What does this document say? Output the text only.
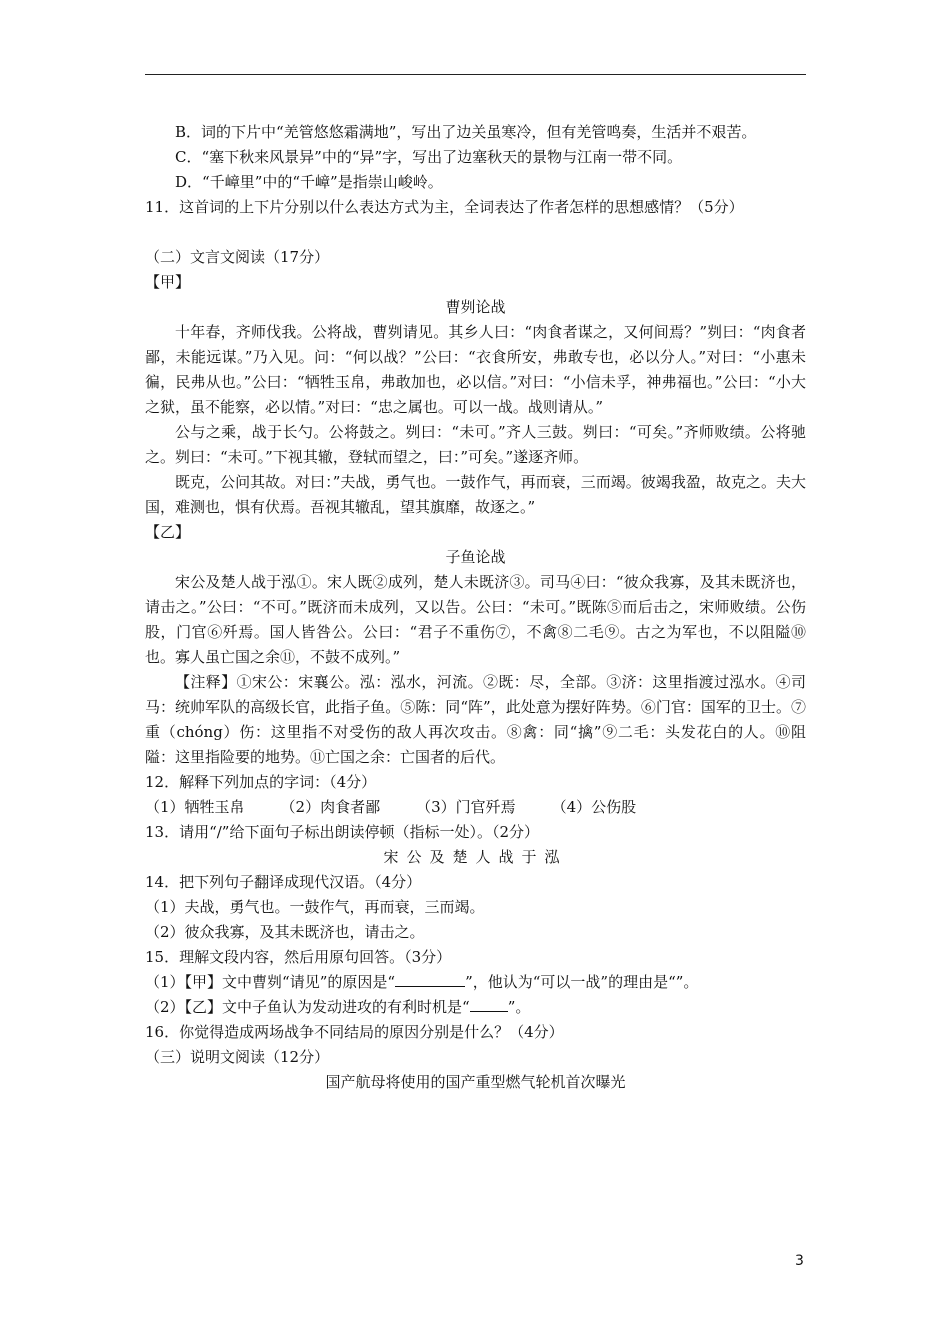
B．词的下片中“羌管悠悠霜满地”，写出了边关虽寒冷，但有羌管鸣奏，生活并不艰苦。

C．“塞下秋来风景异”中的“异”字，写出了边塞秋天的景物与江南一带不同。

D．“千嶂里”中的“千嶂”是指崇山峻岭。

11．这首词的上下片分别以什么表达方式为主，全词表达了作者怎样的思想感情？（5分）

（二）文言文阅读（17分）

【甲】

曹刿论战

十年春，齐师伐我。公将战，曹刿请见。其乡人曰：“肉食者谋之，又何间焉？”刿曰：“肉食者鄙，未能远谋。”乃入见。问：“何以战？”公曰：“衣食所安，弗敢专也，必以分人。”对曰：“小惠未徧，民弗从也。”公曰：“牺牲玉帛，弗敢加也，必以信。”对曰：“小信未孚，神弗福也。”公曰：“小大之狱，虽不能察，必以情。”对曰：“忠之属也。可以一战。战则请从。”

公与之乘，战于长勺。公将鼓之。刿曰：“未可。”齐人三鼓。刿曰：“可矣。”齐师败绩。公将驰之。刿曰：“未可。”下视其辙，登轼而望之，曰：”可矣。”遂逐齐师。

既克，公问其故。对曰：”夫战，勇气也。一鼓作气，再而衰，三而竭。彼竭我盈，故克之。夫大国，难测也，惧有伏焉。吾视其辙乱，望其旗靡，故逐之。”

【乙】

子鱼论战

宋公及楚人战于泓①。宋人既②成列，楚人未既济③。司马④曰：“彼众我寡，及其未既济也，请击之。”公曰：“不可。”既济而未成列，又以告。公曰：“未可。”既陈⑤而后击之，宋师败绩。公伤股，门官⑥歼焉。国人皆咎公。公曰：“君子不重伤⑦，不禽⑧二毛⑨。古之为军也，不以阻隘⑩也。寡人虽亡国之余⑪，不鼓不成列。”

【注释】①宋公：宋襄公。泓：泓水，河流。②既：尽，全部。③济：这里指渡过泓水。④司马：统帅军队的高级长官，此指子鱼。⑤陈：同“阵”，此处意为摆好阵势。⑥门官：国军的卫士。⑦重（chóng）伤：这里指不对受伤的敌人再次攻击。⑧禽：同“擒”⑨二毛：头发花白的人。⑩阻隘：这里指险要的地势。⑪亡国之余：亡国者的后代。

12．解释下列加点的字词：（4分）

（1）牺牲玉帛 （2）肉食者鄙 （3）门官歼焉 （4）公伤股

13．请用“/”给下面句子标出朗读停顿（指标一处）。（2分）

宋公及楚人战于泓

14．把下列句子翻译成现代汉语。（4分）

（1）夫战，勇气也。一鼓作气，再而衰，三而竭。

（2）彼众我寡，及其未既济也，请击之。

15．理解文段内容，然后用原句回答。（3分）

（1）【甲】文中曹刿“请见”的原因是“	”，他认为“可以一战”的理由是“”。

（2）【乙】文中子鱼认为发动进攻的有利时机是“	”。

16．你觉得造成两场战争不同结局的原因分别是什么？（4分）

（三）说明文阅读（12分）

国产航母将使用的国产重型燃气轮机首次曝光

3
